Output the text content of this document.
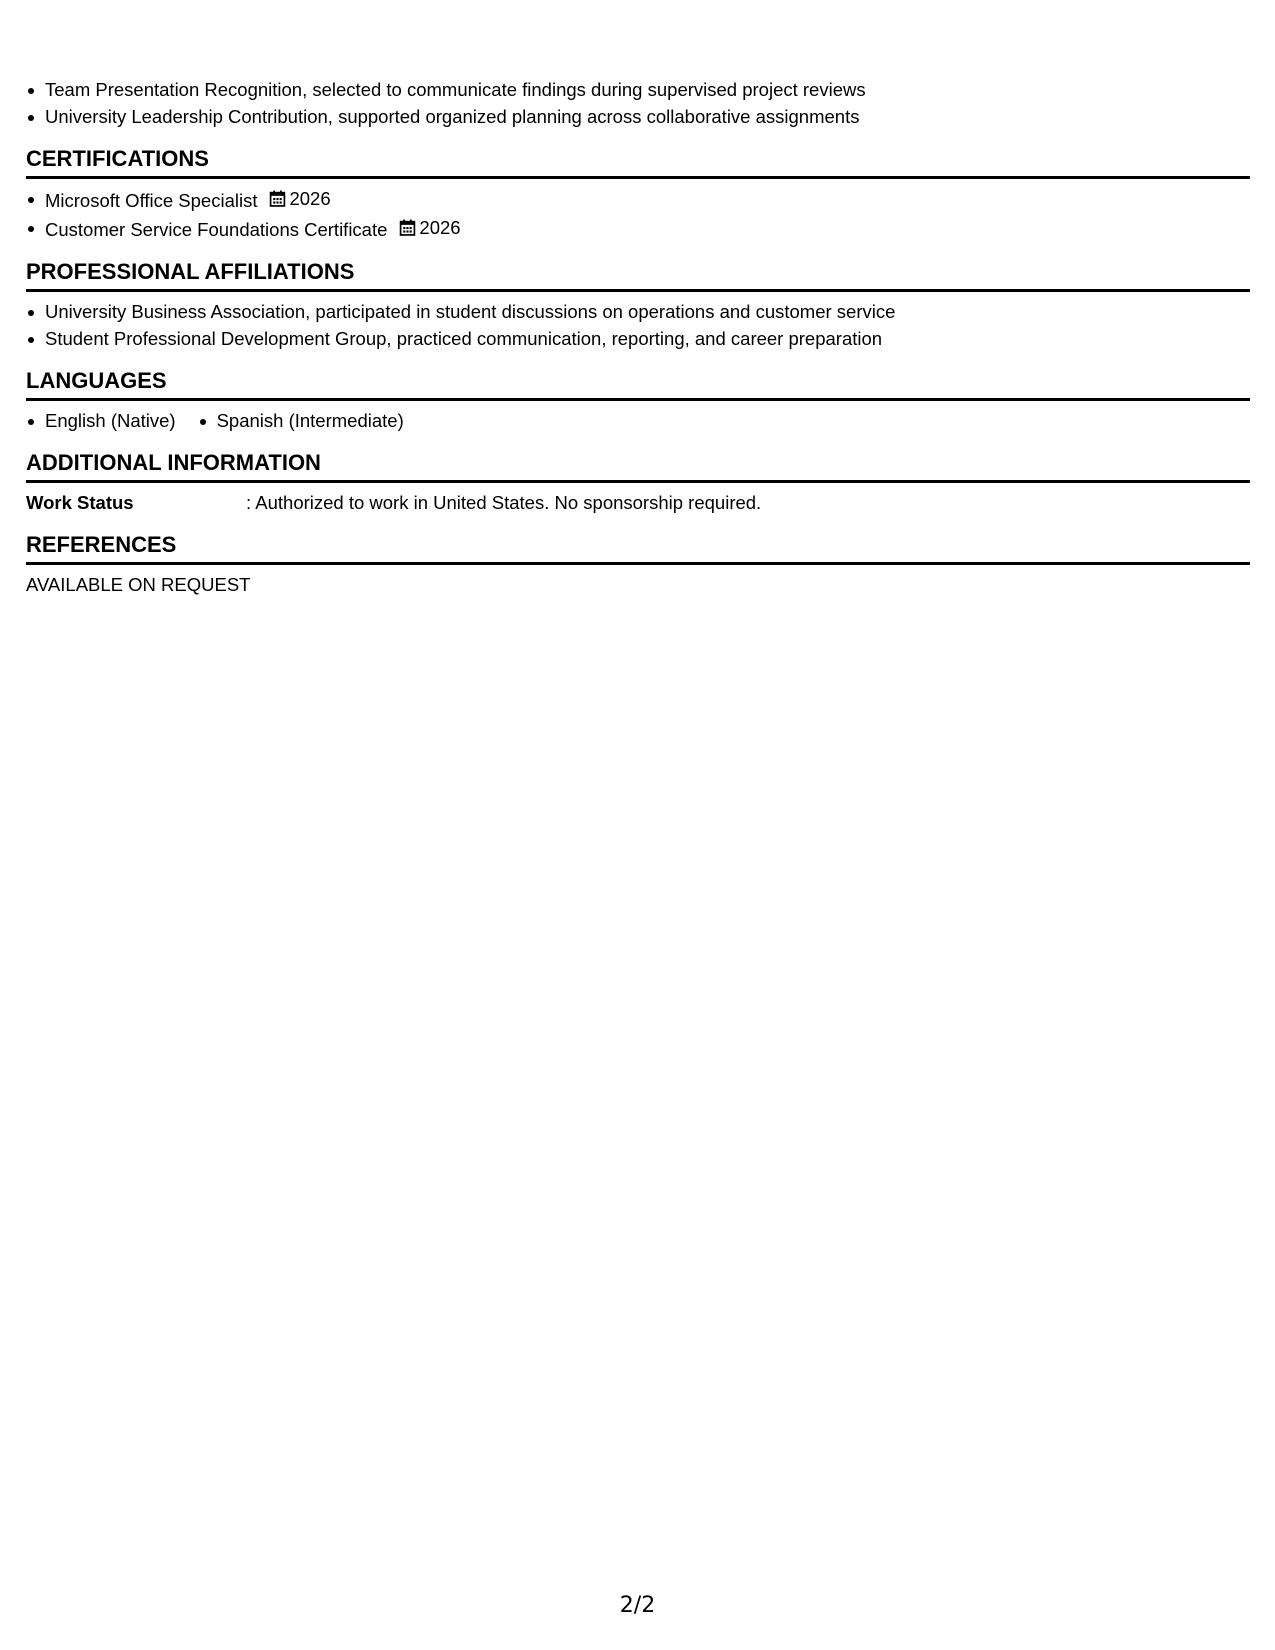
Team Presentation Recognition, selected to communicate findings during supervised project reviews
University Leadership Contribution, supported organized planning across collaborative assignments
CERTIFICATIONS
Microsoft Office Specialist 2026
Customer Service Foundations Certificate 2026
PROFESSIONAL AFFILIATIONS
University Business Association, participated in student discussions on operations and customer service
Student Professional Development Group, practiced communication, reporting, and career preparation
LANGUAGES
English (Native)	Spanish (Intermediate)
ADDITIONAL INFORMATION
Work Status	: Authorized to work in United States. No sponsorship required.
REFERENCES
AVAILABLE ON REQUEST
2/2
